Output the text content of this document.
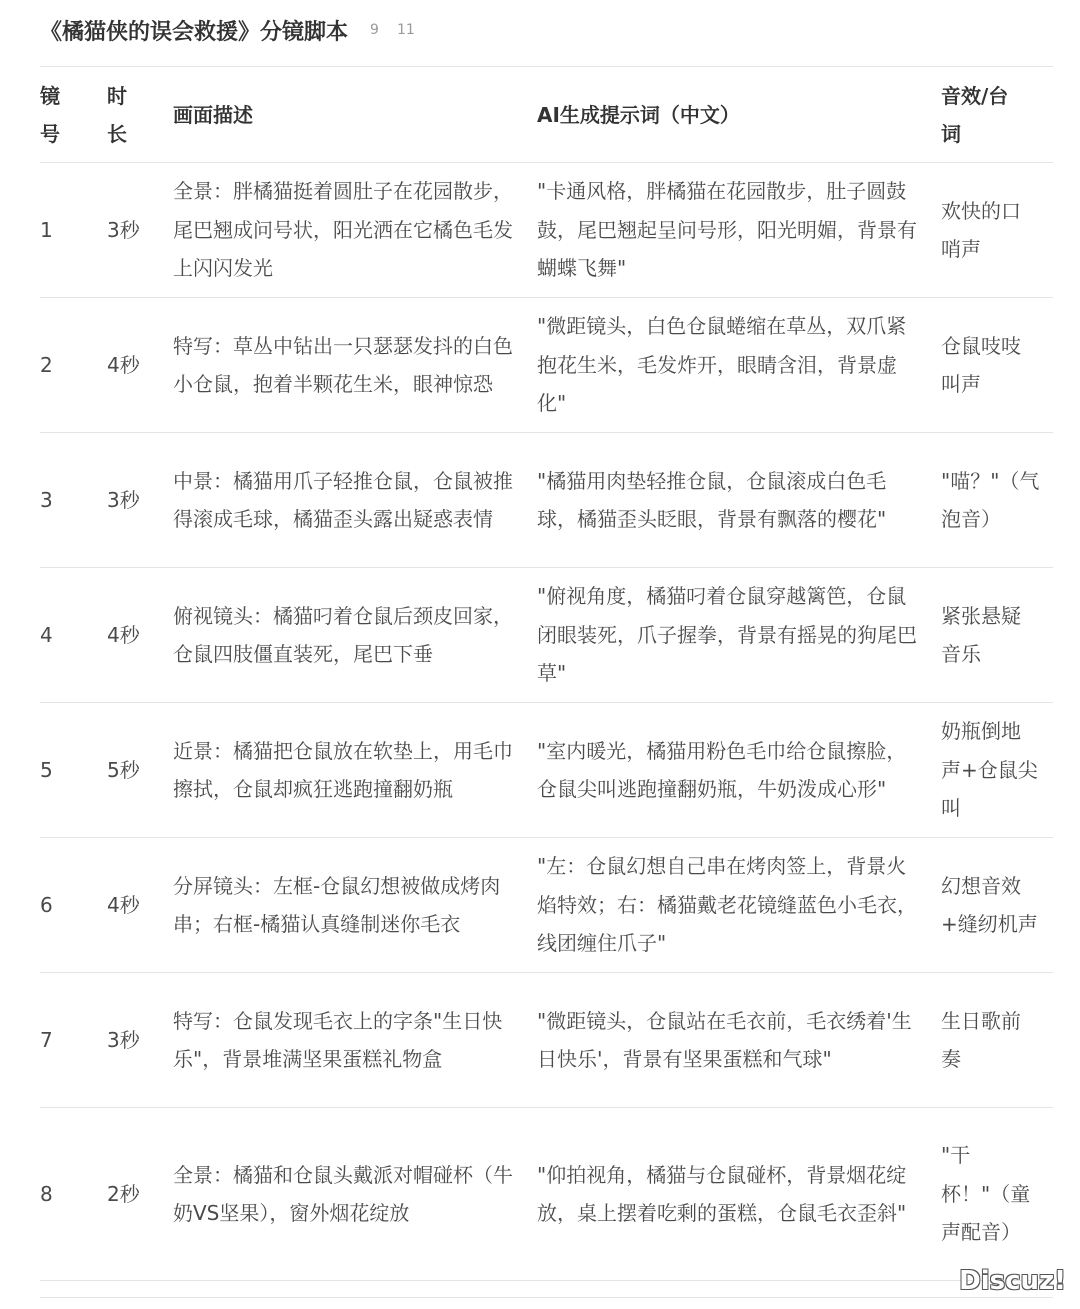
《橘猫侠的误会救援》分镜脚本 9 11
镜号	时长	画面描述	AI生成提示词（中文）	音效/台词
1	3秒	全景：胖橘猫挺着圆肚子在花园散步，尾巴翘成问号状，阳光洒在它橘色毛发上闪闪发光	"卡通风格，胖橘猫在花园散步，肚子圆鼓鼓，尾巴翘起呈问号形，阳光明媚，背景有蝴蝶飞舞"	欢快的口哨声
2	4秒	特写：草丛中钻出一只瑟瑟发抖的白色小仓鼠，抱着半颗花生米，眼神惊恐	"微距镜头，白色仓鼠蜷缩在草丛，双爪紧抱花生米，毛发炸开，眼睛含泪，背景虚化"	仓鼠吱吱叫声
3	3秒	中景：橘猫用爪子轻推仓鼠，仓鼠被推得滚成毛球，橘猫歪头露出疑惑表情	"橘猫用肉垫轻推仓鼠，仓鼠滚成白色毛球，橘猫歪头眨眼，背景有飘落的樱花"	"喵？"（气泡音）
4	4秒	俯视镜头：橘猫叼着仓鼠后颈皮回家，仓鼠四肢僵直装死，尾巴下垂	"俯视角度，橘猫叼着仓鼠穿越篱笆，仓鼠闭眼装死，爪子握拳，背景有摇晃的狗尾巴草"	紧张悬疑音乐
5	5秒	近景：橘猫把仓鼠放在软垫上，用毛巾擦拭，仓鼠却疯狂逃跑撞翻奶瓶	"室内暖光，橘猫用粉色毛巾给仓鼠擦脸，仓鼠尖叫逃跑撞翻奶瓶，牛奶泼成心形"	奶瓶倒地声+仓鼠尖叫
6	4秒	分屏镜头：左框-仓鼠幻想被做成烤肉串；右框-橘猫认真缝制迷你毛衣	"左：仓鼠幻想自己串在烤肉签上，背景火焰特效；右：橘猫戴老花镜缝蓝色小毛衣，线团缠住爪子"	幻想音效+缝纫机声
7	3秒	特写：仓鼠发现毛衣上的字条"生日快乐"，背景堆满坚果蛋糕礼物盒	"微距镜头，仓鼠站在毛衣前，毛衣绣着'生日快乐'，背景有坚果蛋糕和气球"	生日歌前奏
8	2秒	全景：橘猫和仓鼠头戴派对帽碰杯（牛奶VS坚果），窗外烟花绽放	"仰拍视角，橘猫与仓鼠碰杯，背景烟花绽放，桌上摆着吃剩的蛋糕，仓鼠毛衣歪斜"	"干杯！"（童声配音）
Discuz!
